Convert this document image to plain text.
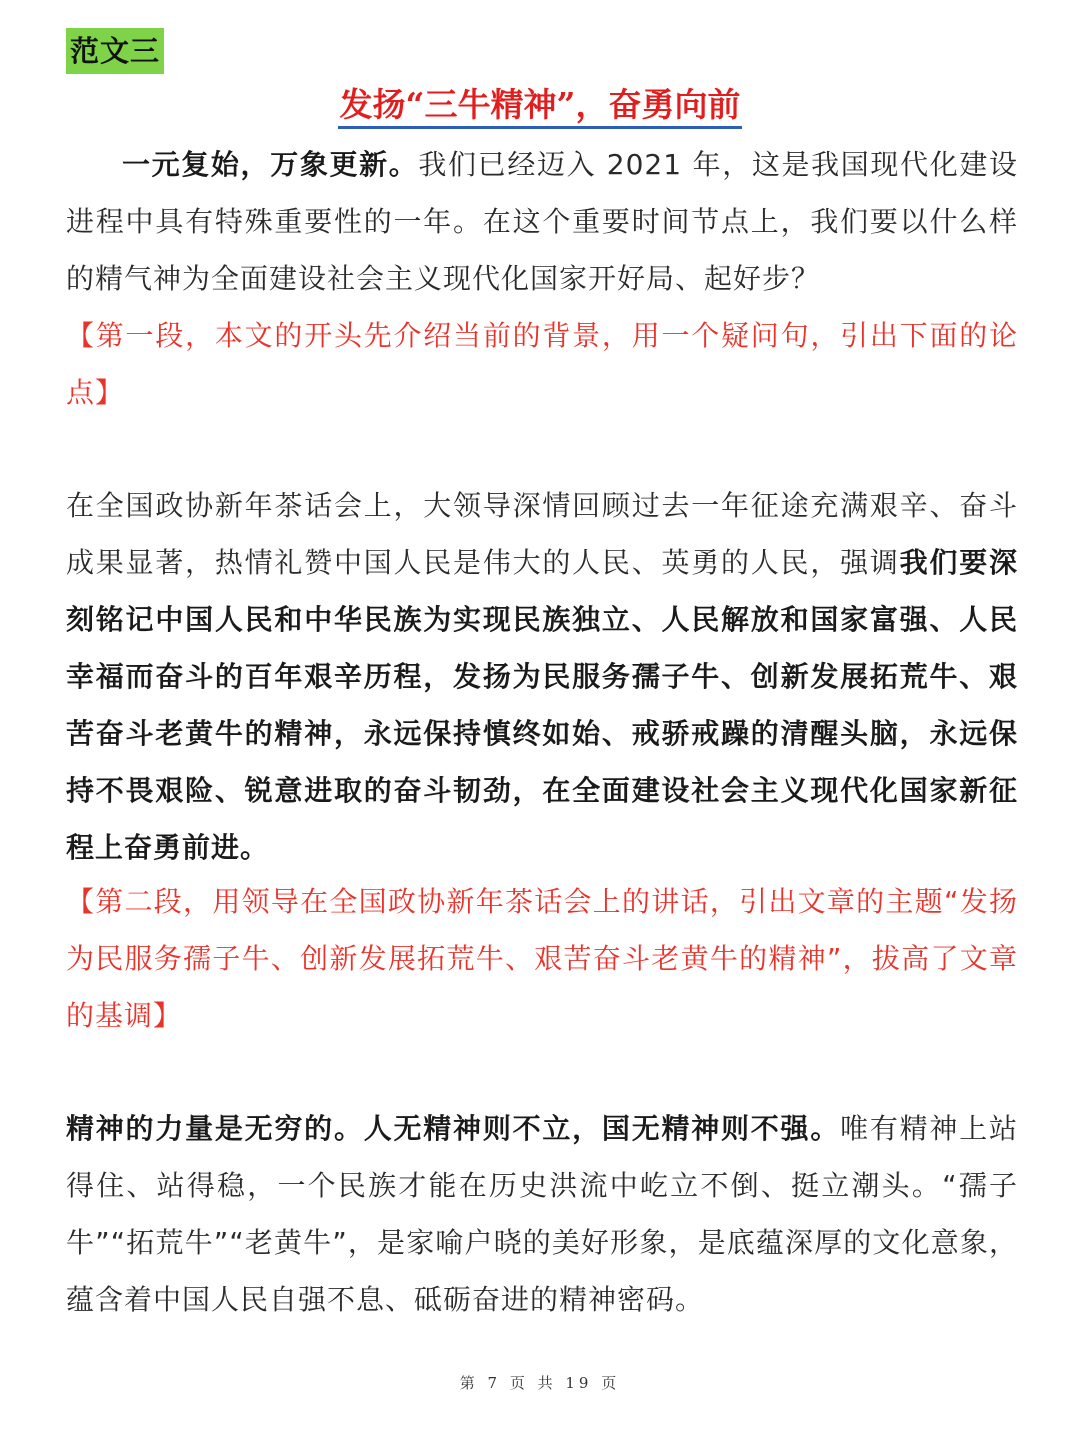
范文三
发扬“三牛精神”，奋勇向前

一元复始，万象更新。我们已经迈入 2021 年，这是我国现代化建设进程中具有特殊重要性的一年。在这个重要时间节点上，我们要以什么样的精气神为全面建设社会主义现代化国家开好局、起好步？

【第一段，本文的开头先介绍当前的背景，用一个疑问句，引出下面的论点】

在全国政协新年茶话会上，大领导深情回顾过去一年征途充满艰辛、奋斗成果显著，热情礼赞中国人民是伟大的人民、英勇的人民，强调我们要深刻铭记中国人民和中华民族为实现民族独立、人民解放和国家富强、人民幸福而奋斗的百年艰辛历程，发扬为民服务孺子牛、创新发展拓荒牛、艰苦奋斗老黄牛的精神，永远保持慎终如始、戒骄戒躁的清醒头脑，永远保持不畏艰险、锐意进取的奋斗韧劲，在全面建设社会主义现代化国家新征程上奋勇前进。

【第二段，用领导在全国政协新年茶话会上的讲话，引出文章的主题“发扬为民服务孺子牛、创新发展拓荒牛、艰苦奋斗老黄牛的精神”，拔高了文章的基调】

精神的力量是无穷的。人无精神则不立，国无精神则不强。唯有精神上站得住、站得稳，一个民族才能在历史洪流中屹立不倒、挺立潮头。“孺子牛”“拓荒牛”“老黄牛”，是家喻户晓的美好形象，是底蕴深厚的文化意象，蕴含着中国人民自强不息、砥砺奋进的精神密码。

第 7 页 共 19 页
